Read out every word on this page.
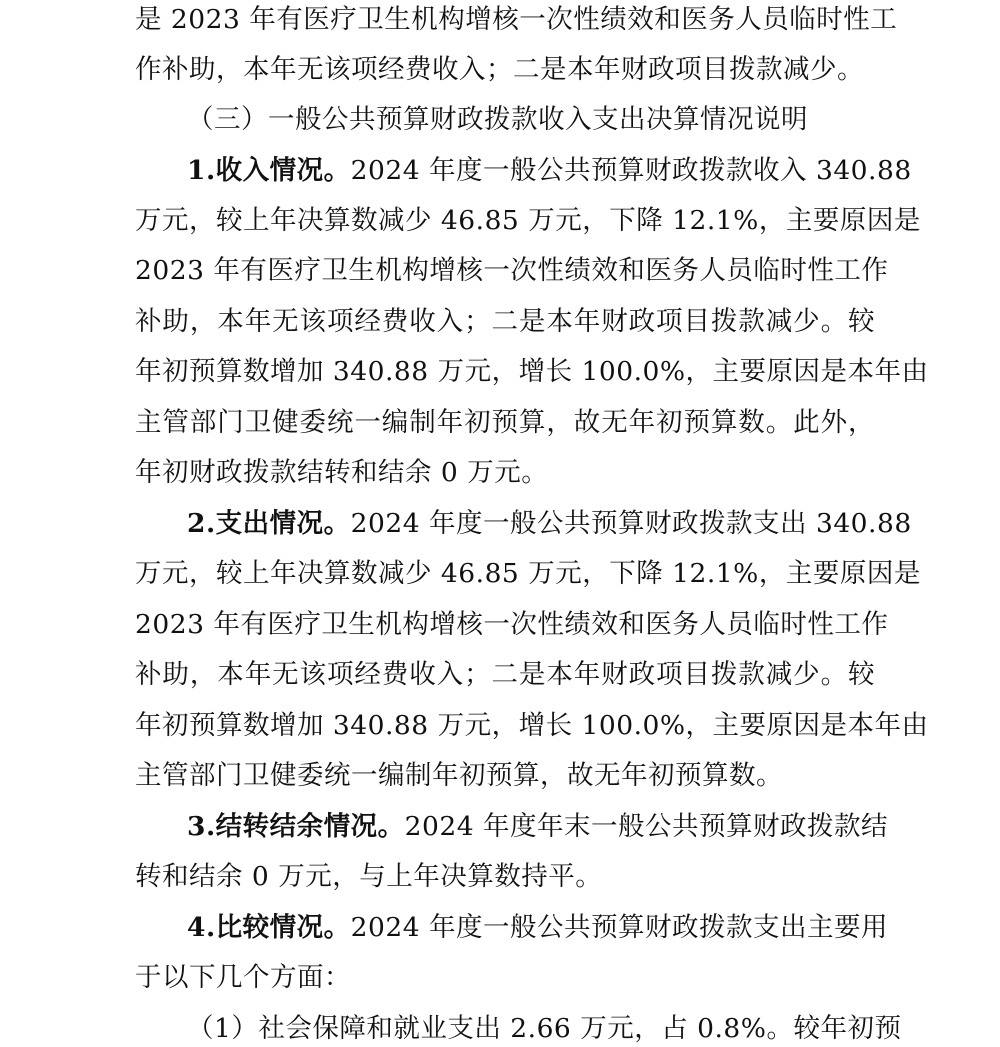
是 2023 年有医疗卫生机构增核一次性绩效和医务人员临时性工
作补助，本年无该项经费收入；二是本年财政项目拨款减少。
（三）一般公共预算财政拨款收入支出决算情况说明
1.收入情况。2024 年度一般公共预算财政拨款收入 340.88
万元，较上年决算数减少 46.85 万元，下降 12.1%，主要原因是
2023 年有医疗卫生机构增核一次性绩效和医务人员临时性工作
补助，本年无该项经费收入；二是本年财政项目拨款减少。较
年初预算数增加 340.88 万元，增长 100.0%，主要原因是本年由
主管部门卫健委统一编制年初预算，故无年初预算数。此外，
年初财政拨款结转和结余 0 万元。
2.支出情况。2024 年度一般公共预算财政拨款支出 340.88
万元，较上年决算数减少 46.85 万元，下降 12.1%，主要原因是
2023 年有医疗卫生机构增核一次性绩效和医务人员临时性工作
补助，本年无该项经费收入；二是本年财政项目拨款减少。较
年初预算数增加 340.88 万元，增长 100.0%，主要原因是本年由
主管部门卫健委统一编制年初预算，故无年初预算数。
3.结转结余情况。2024 年度年末一般公共预算财政拨款结
转和结余 0 万元，与上年决算数持平。
4.比较情况。2024 年度一般公共预算财政拨款支出主要用
于以下几个方面：
（1）社会保障和就业支出 2.66 万元，占 0.8%。较年初预
